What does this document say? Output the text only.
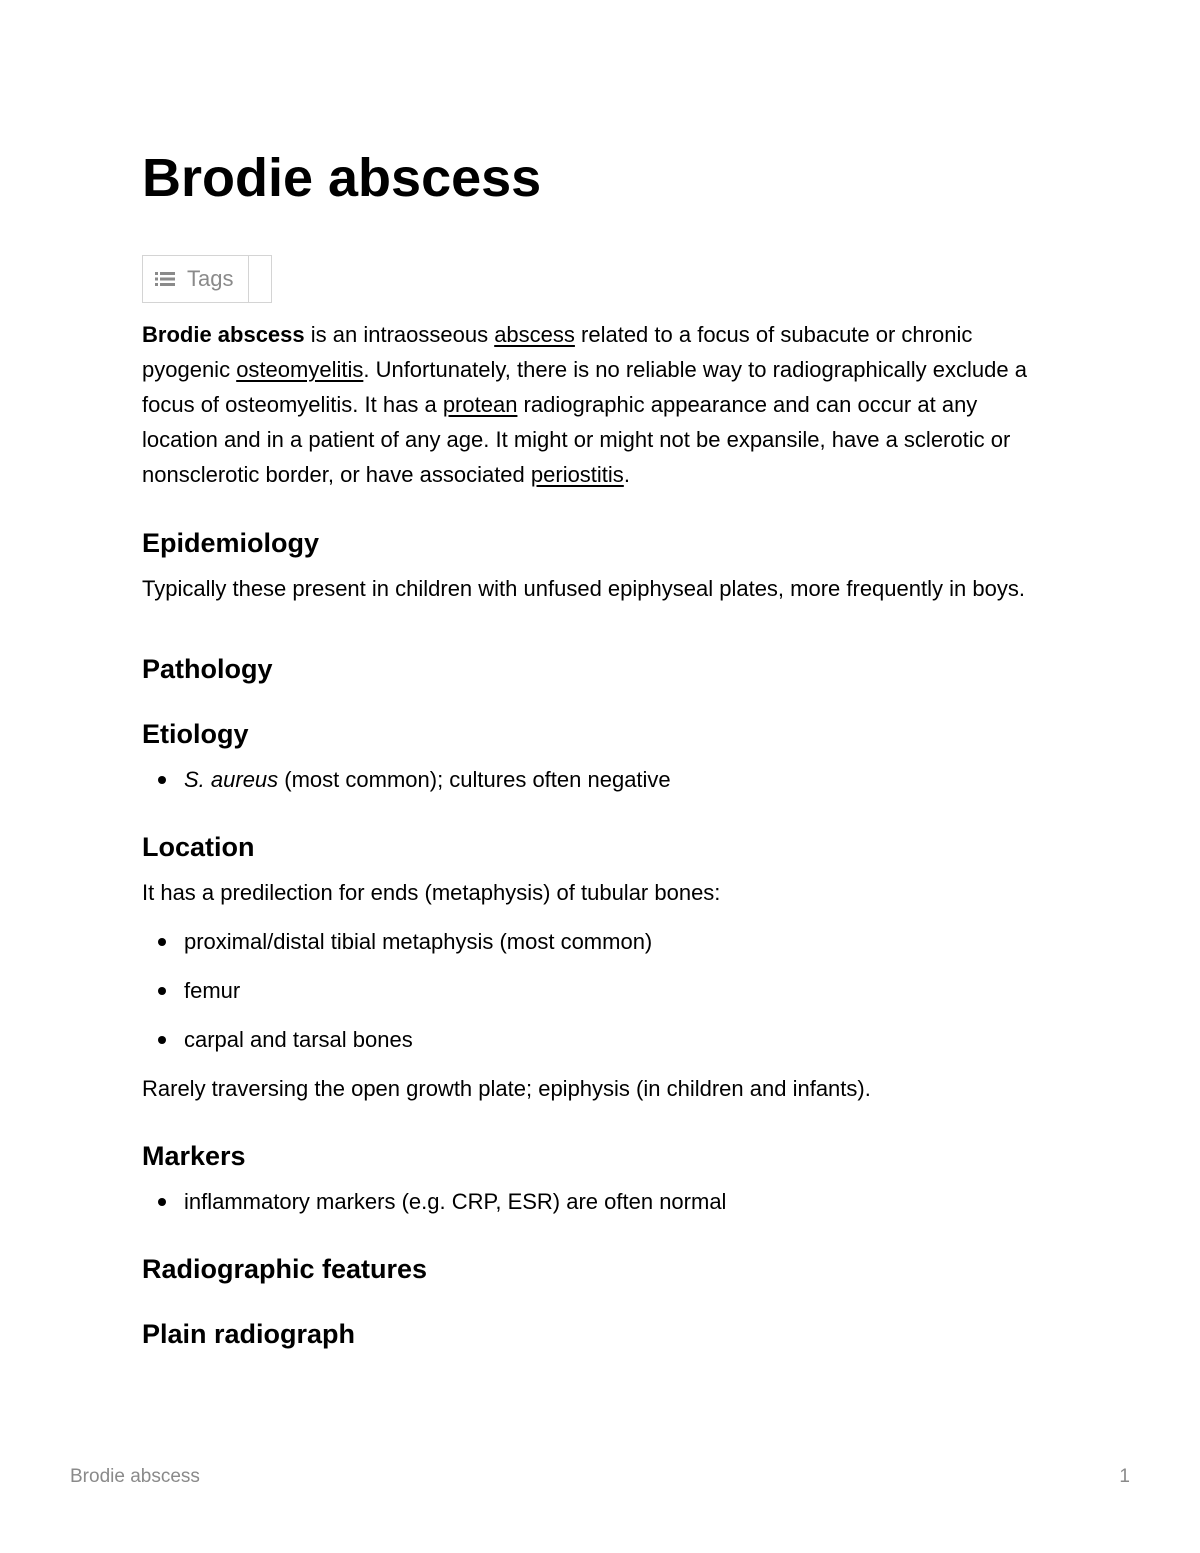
Brodie abscess
Tags

Brodie abscess is an intraosseous abscess related to a focus of subacute or chronic pyogenic osteomyelitis. Unfortunately, there is no reliable way to radiographically exclude a focus of osteomyelitis. It has a protean radiographic appearance and can occur at any location and in a patient of any age. It might or might not be expansile, have a sclerotic or nonsclerotic border, or have associated periostitis.

Epidemiology

Typically these present in children with unfused epiphyseal plates, more frequently in boys.

Pathology
Etiology
S. aureus (most common); cultures often negative
Location

It has a predilection for ends (metaphysis) of tubular bones:

proximal/distal tibial metaphysis (most common)
femur
carpal and tarsal bones

Rarely traversing the open growth plate; epiphysis (in children and infants).

Markers
inflammatory markers (e.g. CRP, ESR) are often normal
Radiographic features
Plain radiograph
Brodie abscess	1
